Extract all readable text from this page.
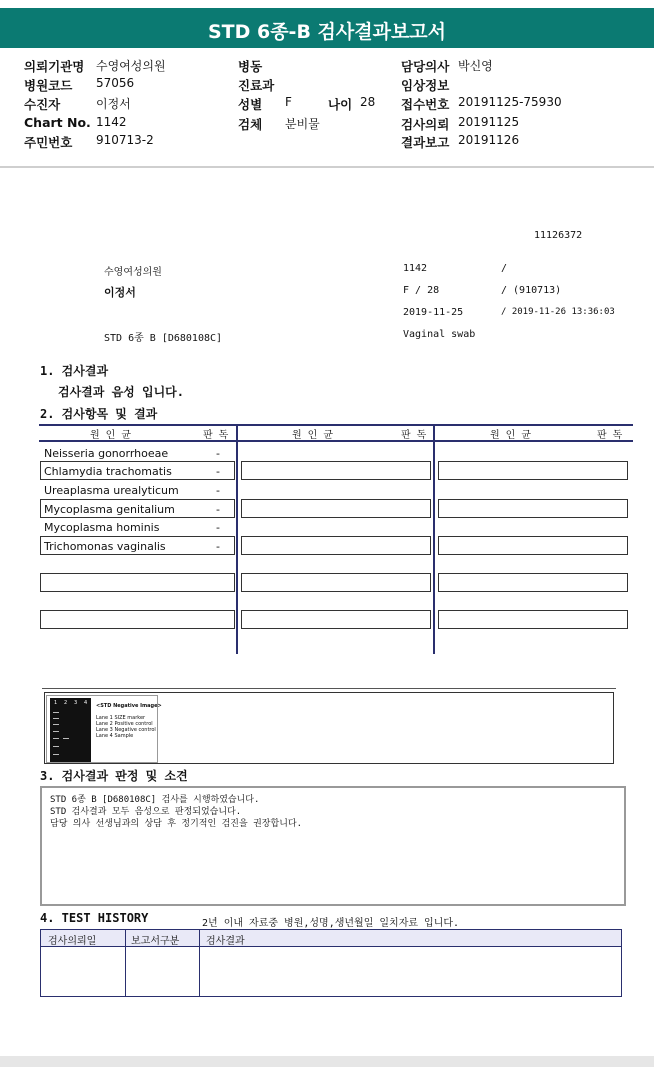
STD 6종-B 검사결과보고서
의뢰기관명 수영여성의원
병원코드 57056
수진자	이정서
Chart No. 1142
주민번호 910713-2
병동
진료과
성별 F	나이 28
검체 분비물
담당의사 박신영
임상정보
접수번호 20191125-75930
검사의뢰 20191125
결과보고 20191126
11126372
수영여성의원	1142	/
이정서	F / 28	/ (910713)
2019-11-25	/ 2019-11-26 13:36:03
STD 6종 B [D680108C]	Vaginal swab
1. 검사결과
검사결과 음성 입니다.
2. 검사항목 및 결과
원 인 균	판 독	원 인 균	판 독	원 인 균	판 독
Neisseria gonorrhoeae	-
Chlamydia trachomatis	-
Ureaplasma urealyticum	-
Mycoplasma genitalium	-
Mycoplasma hominis	-
Trichomonas vaginalis	-
1 2 3 4 <STD Negative Image>
Lane 1 SIZE marker
Lane 2 Positive control
Lane 3 Negative control
Lane 4 Sample
3. 검사결과 판정 및 소견
STD 6종 B [D680108C] 검사를 시행하였습니다.
STD 검사결과 모두 음성으로 판정되었습니다.
담당 의사 선생님과의 상담 후 정기적인 검진을 권장합니다.
4. TEST HISTORY	2년 이내 자료중 병원,성명,생년월일 일치자료 입니다.
검사의뢰일	보고서구분	검사결과
